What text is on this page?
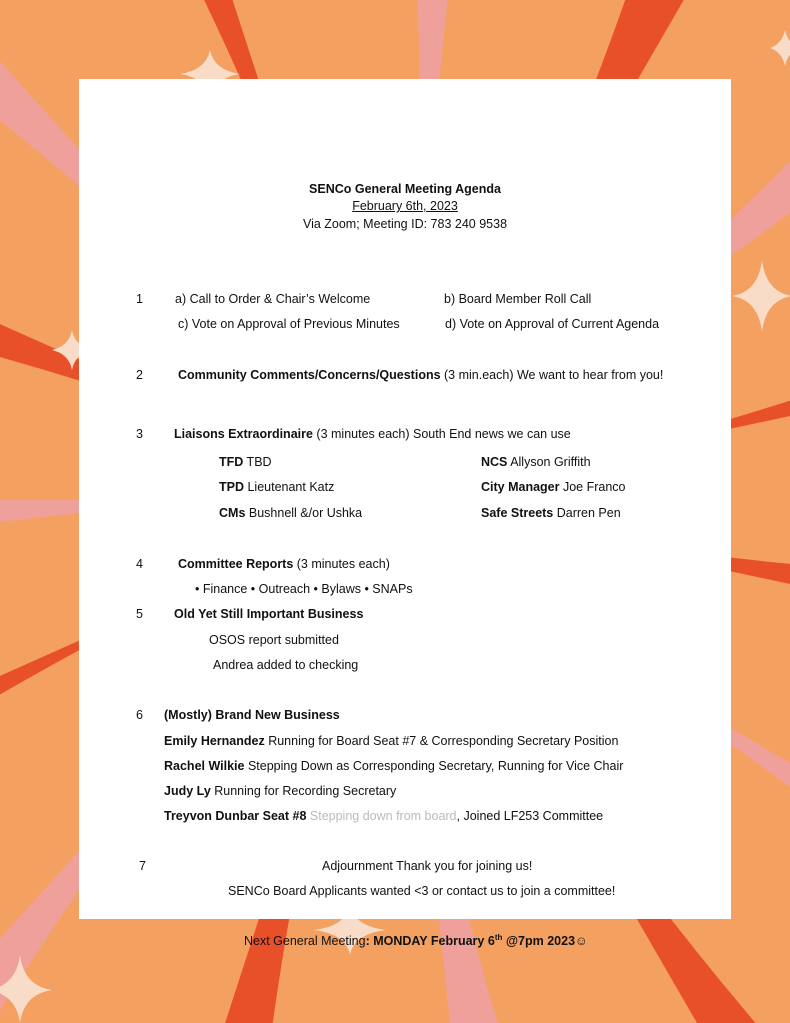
SENCo General Meeting Agenda
February 6th, 2023
Via Zoom; Meeting ID: 783 240 9538
1	a) Call to Order & Chair’s Welcome	b) Board Member Roll Call
c) Vote on Approval of Previous Minutes	d) Vote on Approval of Current Agenda
2	Community Comments/Concerns/Questions (3 min.each) We want to hear from you!
3 Liaisons Extraordinaire (3 minutes each) South End news we can use
TFD TBD	NCS Allyson Griffith
TPD Lieutenant Katz	City Manager Joe Franco
CMs Bushnell &/or Ushka	Safe Streets Darren Pen
4	Committee Reports (3 minutes each)
• Finance • Outreach • Bylaws • SNAPs
5 Old Yet Still Important Business
OSOS report submitted
Andrea added to checking
6 (Mostly) Brand New Business
Emily Hernandez Running for Board Seat #7 & Corresponding Secretary Position
Rachel Wilkie Stepping Down as Corresponding Secretary, Running for Vice Chair
Judy Ly Running for Recording Secretary
Treyvon Dunbar Seat #8 Stepping down from board, Joined LF253 Committee
7	Adjournment Thank you for joining us!
SENCo Board Applicants wanted <3 or contact us to join a committee!
Next General Meeting: MONDAY February 6th @7pm 2023☺
